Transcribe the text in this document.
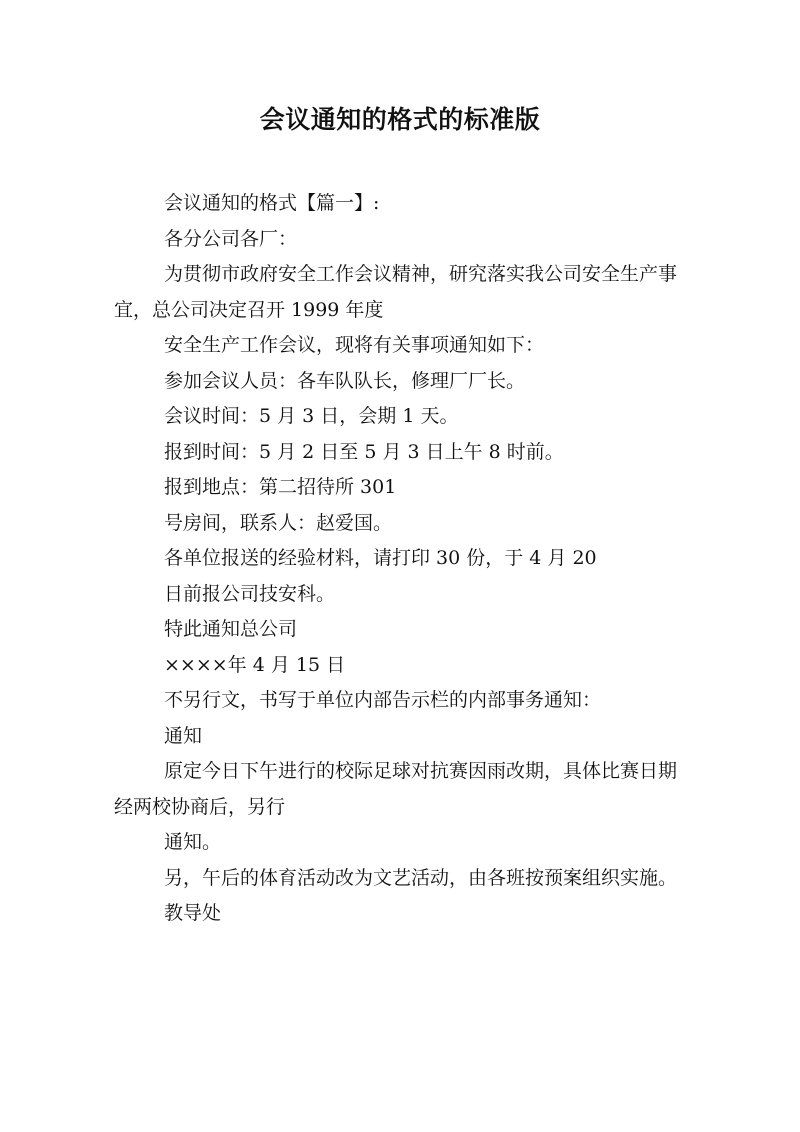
会议通知的格式的标准版

会议通知的格式【篇一】:

各分公司各厂：

为贯彻市政府安全工作会议精神，研究落实我公司安全生产事宜，总公司决定召开 1999 年度

安全生产工作会议，现将有关事项通知如下：

参加会议人员：各车队队长，修理厂厂长。

会议时间：5 月 3 日，会期 1 天。

报到时间：5 月 2 日至 5 月 3 日上午 8 时前。

报到地点：第二招待所 301

号房间，联系人：赵爱国。

各单位报送的经验材料，请打印 30 份，于 4 月 20

日前报公司技安科。

特此通知总公司

××××年 4 月 15 日

不另行文，书写于单位内部告示栏的内部事务通知：

通知

原定今日下午进行的校际足球对抗赛因雨改期，具体比赛日期经两校协商后，另行

通知。

另，午后的体育活动改为文艺活动，由各班按预案组织实施。

教导处
